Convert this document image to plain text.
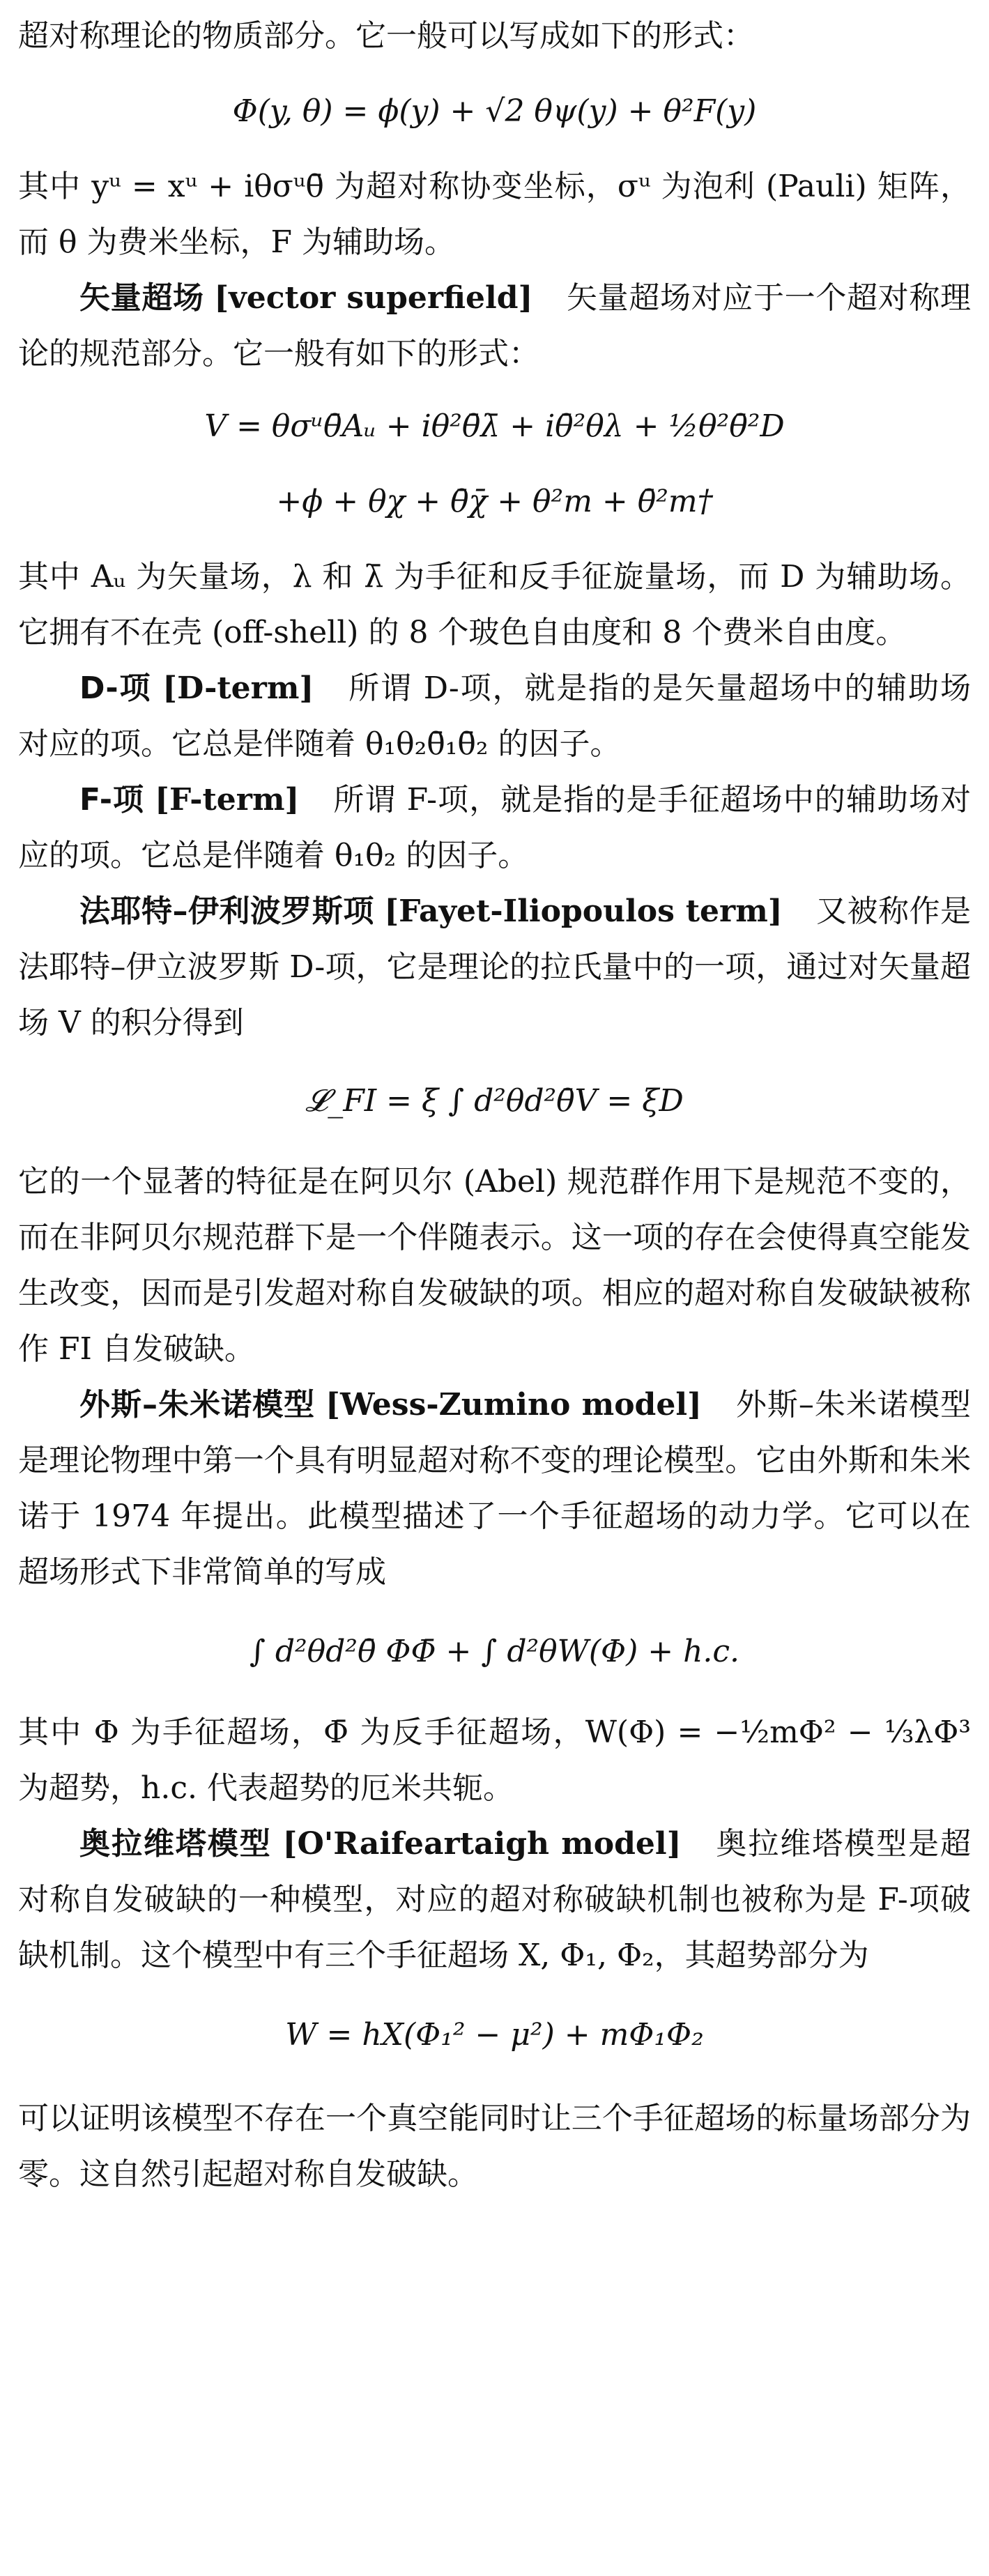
超对称理论的物质部分。它一般可以写成如下的形式：

Φ(y, θ) = ϕ(y) + √2 θψ(y) + θ²F(y)

其中 yᵘ = xᵘ + iθσᵘθ̄ 为超对称协变坐标，σᵘ 为泡利 (Pauli) 矩阵，而 θ 为费米坐标，F 为辅助场。

矢量超场 [vector superfield] 矢量超场对应于一个超对称理论的规范部分。它一般有如下的形式：

V = θσᵘθ̄Aᵤ + iθ²θ̄λ̄ + iθ̄²θλ + ½θ²θ̄²D
+ϕ + θχ + θ̄χ̄ + θ²m + θ̄²m†

其中 Aᵤ 为矢量场，λ 和 λ̄ 为手征和反手征旋量场，而 D 为辅助场。它拥有不在壳 (off-shell) 的 8 个玻色自由度和 8 个费米自由度。

D-项 [D-term] 所谓 D-项，就是指的是矢量超场中的辅助场对应的项。它总是伴随着 θ₁θ₂θ̄₁θ̄₂ 的因子。

F-项 [F-term] 所谓 F-项，就是指的是手征超场中的辅助场对应的项。它总是伴随着 θ₁θ₂ 的因子。

法耶特–伊利波罗斯项 [Fayet-Iliopoulos term] 又被称作是法耶特–伊立波罗斯 D-项，它是理论的拉氏量中的一项，通过对矢量超场 V 的积分得到

𝓛_FI = ξ ∫ d²θd²θ̄V = ξD

它的一个显著的特征是在阿贝尔 (Abel) 规范群作用下是规范不变的，而在非阿贝尔规范群下是一个伴随表示。这一项的存在会使得真空能发生改变，因而是引发超对称自发破缺的项。相应的超对称自发破缺被称作 FI 自发破缺。

外斯–朱米诺模型 [Wess-Zumino model] 外斯–朱米诺模型是理论物理中第一个具有明显超对称不变的理论模型。它由外斯和朱米诺于 1974 年提出。此模型描述了一个手征超场的动力学。它可以在超场形式下非常简单的写成

∫ d²θd²θ̄ ΦΦ̄ + ∫ d²θW(Φ) + h.c.

其中 Φ 为手征超场，Φ̄ 为反手征超场，W(Φ) = −½mΦ² − ⅓λΦ³ 为超势，h.c. 代表超势的厄米共轭。

奥拉维塔模型 [O'Raifeartaigh model] 奥拉维塔模型是超对称自发破缺的一种模型，对应的超对称破缺机制也被称为是 F-项破缺机制。这个模型中有三个手征超场 X, Φ₁, Φ₂，其超势部分为

W = hX(Φ₁² − μ²) + mΦ₁Φ₂

可以证明该模型不存在一个真空能同时让三个手征超场的标量场部分为零。这自然引起超对称自发破缺。
